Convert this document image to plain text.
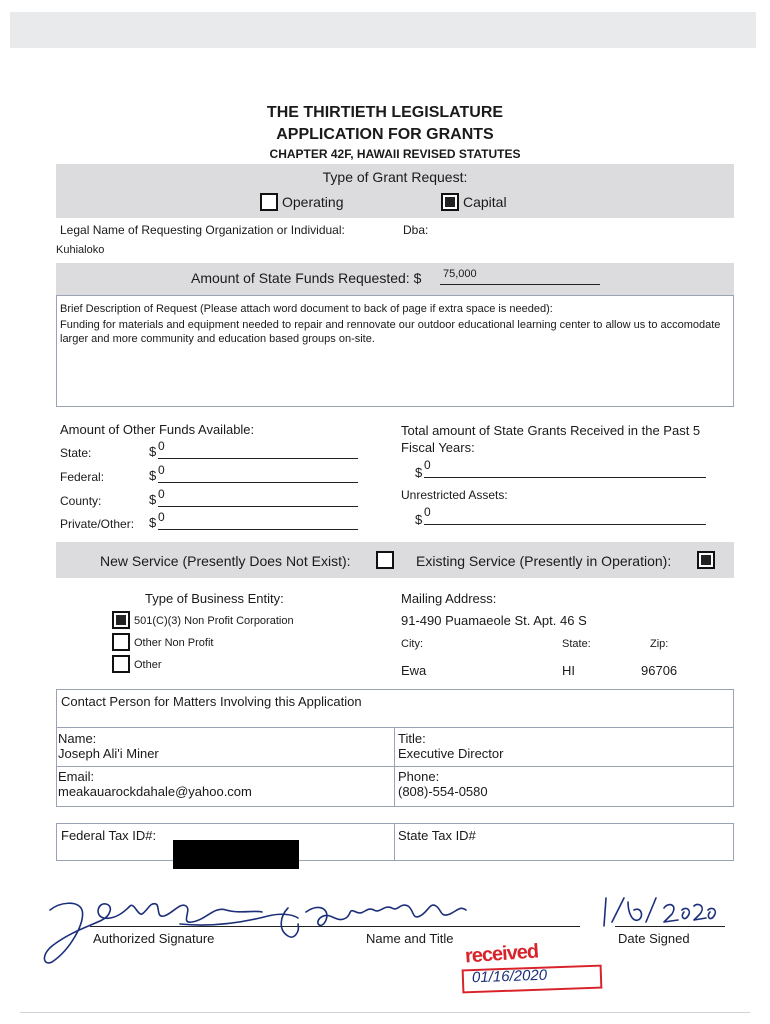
THE THIRTIETH LEGISLATURE
APPLICATION FOR GRANTS
CHAPTER 42F, HAWAII REVISED STATUTES
Type of Grant Request:
Operating	Capital
Legal Name of Requesting Organization or Individual:	Dba:
Kuhialoko
Amount of State Funds Requested: $ 75,000
Brief Description of Request (Please attach word document to back of page if extra space is needed):
Funding for materials and equipment needed to repair and rennovate our outdoor educational learning center to allow us to accomodate larger and more community and education based groups on-site.
Amount of Other Funds Available:
State:	$ 0
Federal:	$ 0
County:	$ 0
Private/Other: $ 0
Total amount of State Grants Received in the Past 5 Fiscal Years:
$ 0
Unrestricted Assets:
$ 0
New Service (Presently Does Not Exist):	Existing Service (Presently in Operation):
Type of Business Entity:
501(C)(3) Non Profit Corporation
Other Non Profit
Other
Mailing Address:
91-490 Puamaeole St. Apt. 46 S
City:	State:	Zip:
Ewa	HI	96706
Contact Person for Matters Involving this Application
Name:
Joseph Ali'i Miner
Title:
Executive Director
Email:
meakauarockdahale@yahoo.com
Phone:
(808)-554-0580
Federal Tax ID#:	State Tax ID#
Authorized Signature	Name and Title	Date Signed
received
01/16/2020
